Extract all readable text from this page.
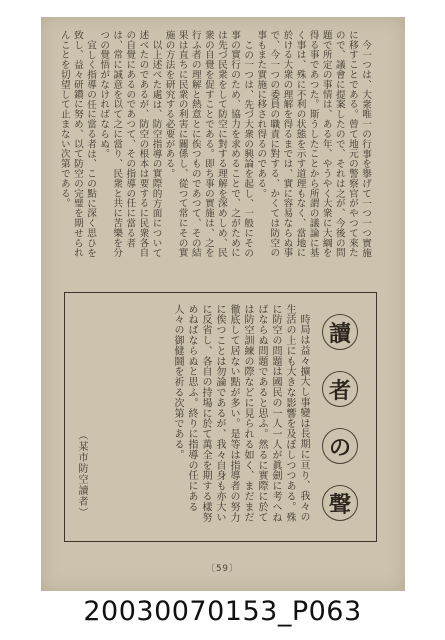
今一つは、大衆唯一の行事を擧げて一つ一つ實施に移すことである。曾て地元の警察官がやつて來たので、議會に提案したので、それは之が、今後の問題で所定の事情は、ある年、やうやく大衆に大綱を得る事であつた。斯うしたことから所謂の議論に基く事は、殊に不利の状態を示す道理もなく、當地に於ける大衆の理解を得るまでは、實に容易ならぬ事で、今一つの委員の職責に對する、かくては防空の事もまた實施に移され得るのである。

この一つは、先づ大衆の興論を起し、一般にその事の實行のため、協力を求めることで、之がためには先づ民衆をして防空に對する理解を深めしめ、民衆の自覺を促すことである。即ち事の實施は、之を行ふ者の理解と熱意とに俟つものであつて、その結果は直ちに民衆の利害に關係し、從つて常にその實施の方法を研究する必要がある。

以上述べた處は、防空指導の實際的方面について述べたのであるが、防空の根本は要するに民衆各自の自覺にあるのであつて、その指導の任に當る者は、常に誠意を以て之に當り、民衆と共に苦樂を分つの覺悟がなければならぬ。

宜しく指導の任に當る者は、この點に深く思ひを致し、益々研鑽に努め、以て防空の完璧を期せられんことを切望して止まない次第である。

讀
者
の
聲

時局は益々擴大し事變は長期に亘り、我々の生活の上にも大きな影響を及ぼしつつある。殊に防空の問題は國民の一人一人が眞劍に考へねばならぬ問題であると思ふ。然るに實際に於ては防空訓練の際などに見られる如く、まだまだ徹底して居ない點が多い。是等は指導者の努力に俟つことは勿論であるが、我々自身も亦大いに反省し、各自の持場に於て萬全を期する樣努めねばならぬと思ふ。終りに指導の任にある人々の御健鬪を祈る次第である。

（某市防空讀者）
〔59〕
20030070153_P063
